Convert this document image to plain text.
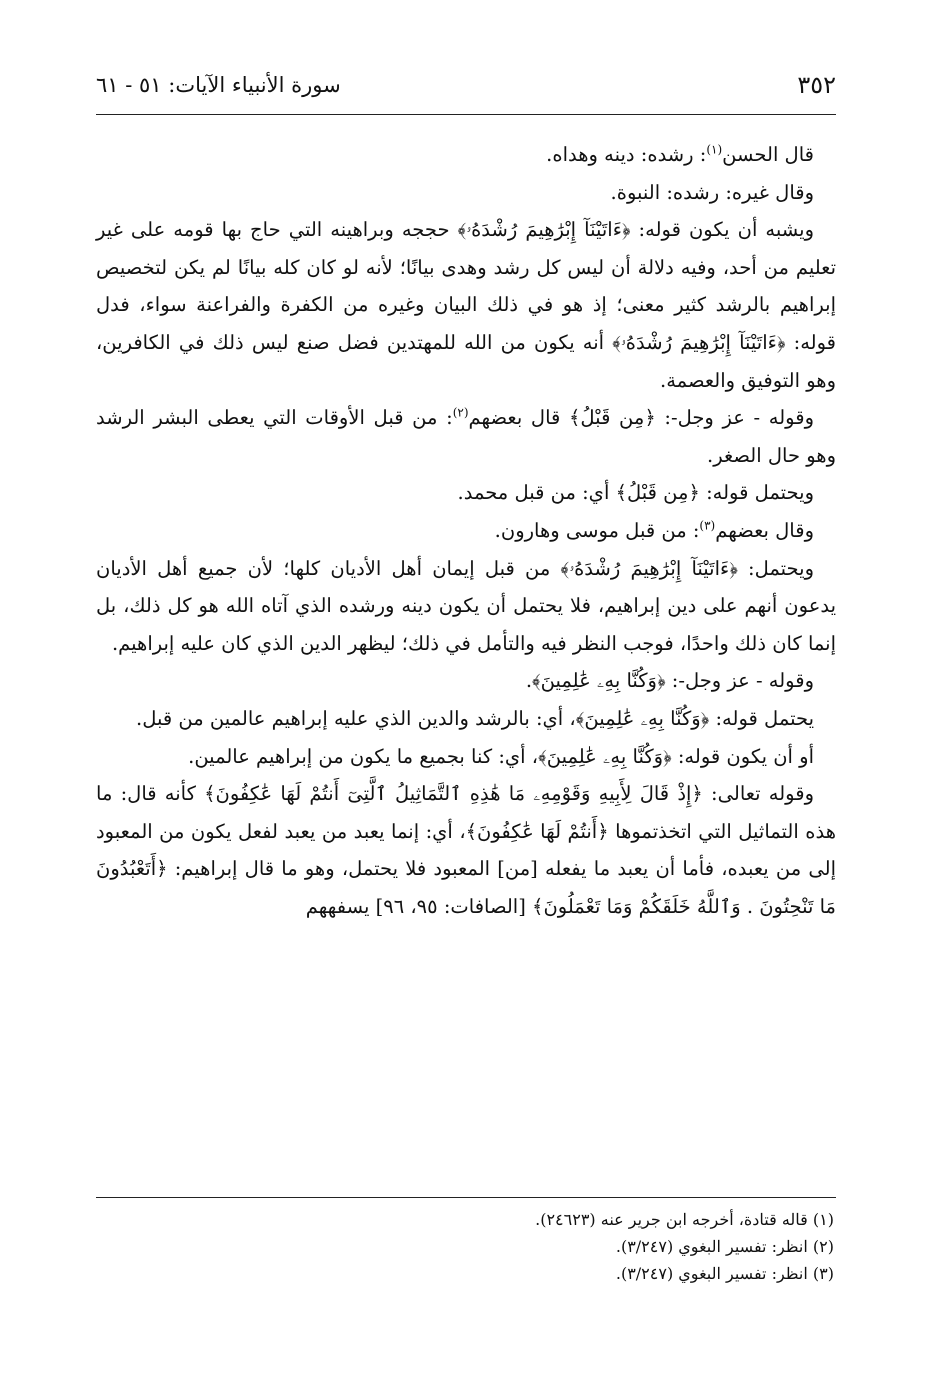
٣٥٢
سورة الأنبياء الآيات: ٥١ - ٦١

قال الحسن$^{(١)}$: رشده: دينه وهداه.

وقال غيره: رشده: النبوة.

ويشبه أن يكون قوله: ﴿ءَاتَيْنَآ إِبْرَٰهِيمَ رُشْدَهُۥ﴾ حججه وبراهينه التي حاج بها قومه على غير تعليم من أحد، وفيه دلالة أن ليس كل رشد وهدى بيانًا؛ لأنه لو كان كله بيانًا لم يكن لتخصيص إبراهيم بالرشد كثير معنى؛ إذ هو في ذلك البيان وغيره من الكفرة والفراعنة سواء، فدل قوله: ﴿ءَاتَيْنَآ إِبْرَٰهِيمَ رُشْدَهُۥ﴾ أنه يكون من الله للمهتدين فضل صنع ليس ذلك في الكافرين، وهو التوفيق والعصمة.

وقوله - عز وجل-: ﴿مِن قَبْلُ﴾ قال بعضهم$^{(٢)}$: من قبل الأوقات التي يعطى البشر الرشد وهو حال الصغر.

ويحتمل قوله: ﴿مِن قَبْلُ﴾ أي: من قبل محمد.

وقال بعضهم$^{(٣)}$: من قبل موسى وهارون.

ويحتمل: ﴿ءَاتَيْنَآ إِبْرَٰهِيمَ رُشْدَهُۥ﴾ من قبل إيمان أهل الأديان كلها؛ لأن جميع أهل الأديان يدعون أنهم على دين إبراهيم، فلا يحتمل أن يكون دينه ورشده الذي آتاه الله هو كل ذلك، بل إنما كان ذلك واحدًا، فوجب النظر فيه والتأمل في ذلك؛ ليظهر الدين الذي كان عليه إبراهيم.

وقوله - عز وجل-: ﴿وَكُنَّا بِهِۦ عَٰلِمِينَ﴾.

يحتمل قوله: ﴿وَكُنَّا بِهِۦ عَٰلِمِينَ﴾، أي: بالرشد والدين الذي عليه إبراهيم عالمين من قبل.

أو أن يكون قوله: ﴿وَكُنَّا بِهِۦ عَٰلِمِينَ﴾، أي: كنا بجميع ما يكون من إبراهيم عالمين.

وقوله تعالى: ﴿إِذْ قَالَ لِأَبِيهِ وَقَوْمِهِۦ مَا هَٰذِهِ ٱلتَّمَاثِيلُ ٱلَّتِىٓ أَنتُمْ لَهَا عَٰكِفُونَ﴾ كأنه قال: ما هذه التماثيل التي اتخذتموها ﴿أَنتُمْ لَهَا عَٰكِفُونَ﴾، أي: إنما يعبد من يعبد لفعل يكون من المعبود إلى من يعبده، فأما أن يعبد ما يفعله [من] المعبود فلا يحتمل، وهو ما قال إبراهيم: ﴿أَتَعْبُدُونَ مَا تَنْحِتُونَ . وَٱللَّهُ خَلَقَكُمْ وَمَا تَعْمَلُونَ﴾ [الصافات: ٩٥، ٩٦] يسفههم

(١) قاله قتادة، أخرجه ابن جرير عنه (٢٤٦٢٣).

(٢) انظر: تفسير البغوي (٣/٢٤٧).

(٣) انظر: تفسير البغوي (٣/٢٤٧).
